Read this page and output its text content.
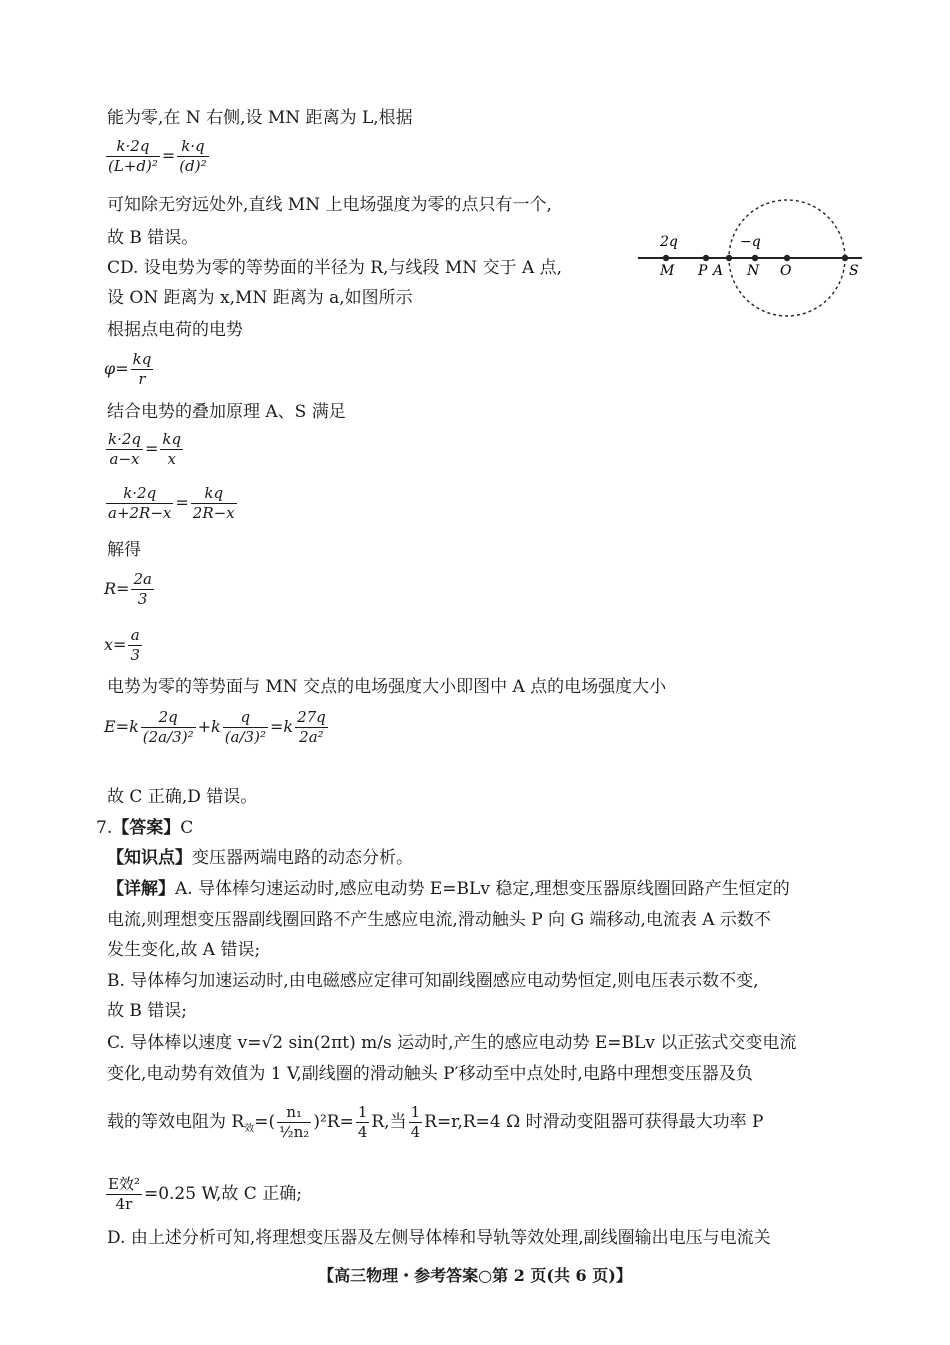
能为零,在 N 右侧,设 MN 距离为 L,根据
$\frac{k\cdot 2q}{\text{(L+d)²}} = \frac{k\cdot q}{\text{(d)²}}$
可知除无穷远处外,直线 MN 上电场强度为零的点只有一个,
故 B 错误。
CD. 设电势为零的等势面的半径为 R,与线段 MN 交于 A 点,
设 ON 距离为 x,MN 距离为 a,如图所示
根据点电荷的电势
2q	−q
M P A N O	S
$\varphi= \frac{kq}{r}$
结合电势的叠加原理 A、S 满足
$\frac{k\cdot 2q}{a-x} = \frac{kq}{x}$
$\frac{k\cdot 2q}{a+2R-x} = \frac{kq}{2R-x}$
解得
$R= \frac{2a}{3}$
$x= \frac{a}{3}$
电势为零的等势面与 MN 交点的电场强度大小即图中 A 点的电场强度大小
$E=k \frac{2q}{\text{(2a/3)²}} +k \frac{q}{\text{(a/3)²}} =k \frac{27q}{\text{2a²}}$
故 C 正确,D 错误。
7.【答案】C
【知识点】变压器两端电路的动态分析。
【详解】A. 导体棒匀速运动时,感应电动势 E=BLv 稳定,理想变压器原线圈回路产生恒定的
电流,则理想变压器副线圈回路不产生感应电流,滑动触头 P 向 G 端移动,电流表 A 示数不
发生变化,故 A 错误;
B. 导体棒匀加速运动时,由电磁感应定律可知副线圈感应电动势恒定,则电压表示数不变,
故 B 错误;
C. 导体棒以速度 v=√2 sin(2πt) m/s 运动时,产生的感应电动势 E=BLv 以正弦式交变电流
变化,电动势有效值为 1 V,副线圈的滑动触头 P′移动至中点处时,电路中理想变压器及负
载的等效电阻为 $R_效=( \frac{\text{n₁}}{\text{½n₂}} )^2R= \frac{1}{4} R$,当 $\frac{1}{4} R=r,R=4$ Ω 时滑动变阻器可获得最大功率 P
$\frac{\text{E效²}}{4r} =0.25$ W,故 C 正确;
D. 由上述分析可知,将理想变压器及左侧导体棒和导轨等效处理,副线圈输出电压与电流关
【高三物理・参考答案○第 2 页(共 6 页)】
